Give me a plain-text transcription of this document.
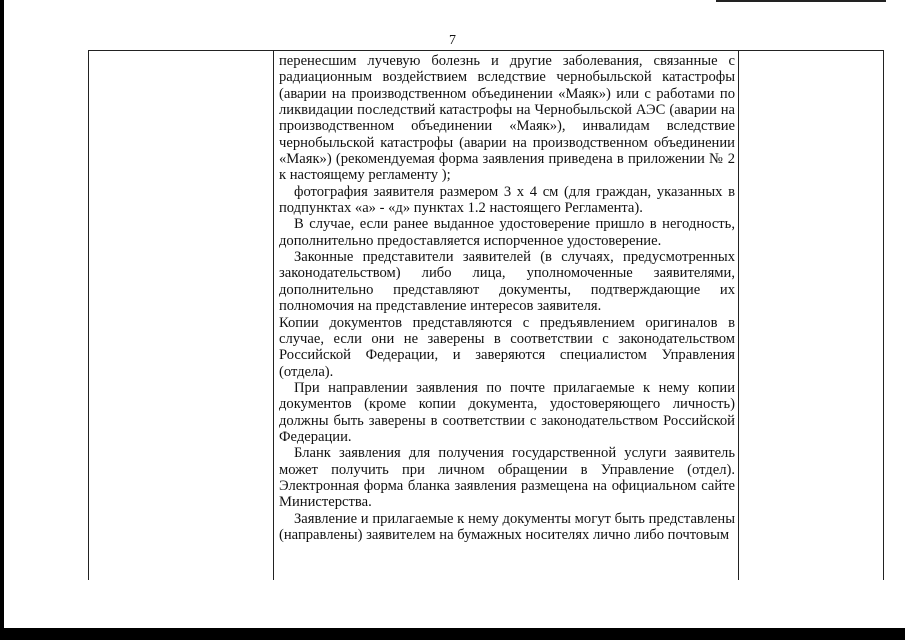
7

перенесшим лучевую болезнь и другие заболевания, связанные с радиационным воздействием вследствие чернобыльской катастрофы (аварии на производственном объединении «Маяк») или с работами по ликвидации последствий катастрофы на Чернобыльской АЭС (аварии на производственном объединении «Маяк»), инвалидам вследствие чернобыльской катастрофы (аварии на производственном объединении «Маяк») (рекомендуемая форма заявления приведена в приложении № 2 к настоящему регламенту );

фотография заявителя размером 3 х 4 см (для граждан, указанных в подпунктах «а» - «д» пунктах 1.2 настоящего Регламента).

В случае, если ранее выданное удостоверение пришло в негодность, дополнительно предоставляется испорченное удостоверение.

Законные представители заявителей (в случаях, предусмотренных законодательством) либо лица, уполномоченные заявителями, дополнительно представляют документы, подтверждающие их полномочия на представление интересов заявителя.

Копии документов представляются с предъявлением оригиналов в случае, если они не заверены в соответствии с законодательством Российской Федерации, и заверяются специалистом Управления (отдела).

При направлении заявления по почте прилагаемые к нему копии документов (кроме копии документа, удостоверяющего личность) должны быть заверены в соответствии с законодательством Российской Федерации.

Бланк заявления для получения государственной услуги заявитель может получить при личном обращении в Управление (отдел). Электронная форма бланка заявления размещена на официальном сайте Министерства.

Заявление и прилагаемые к нему документы могут быть представлены (направлены) заявителем на бумажных носителях лично либо почтовым
